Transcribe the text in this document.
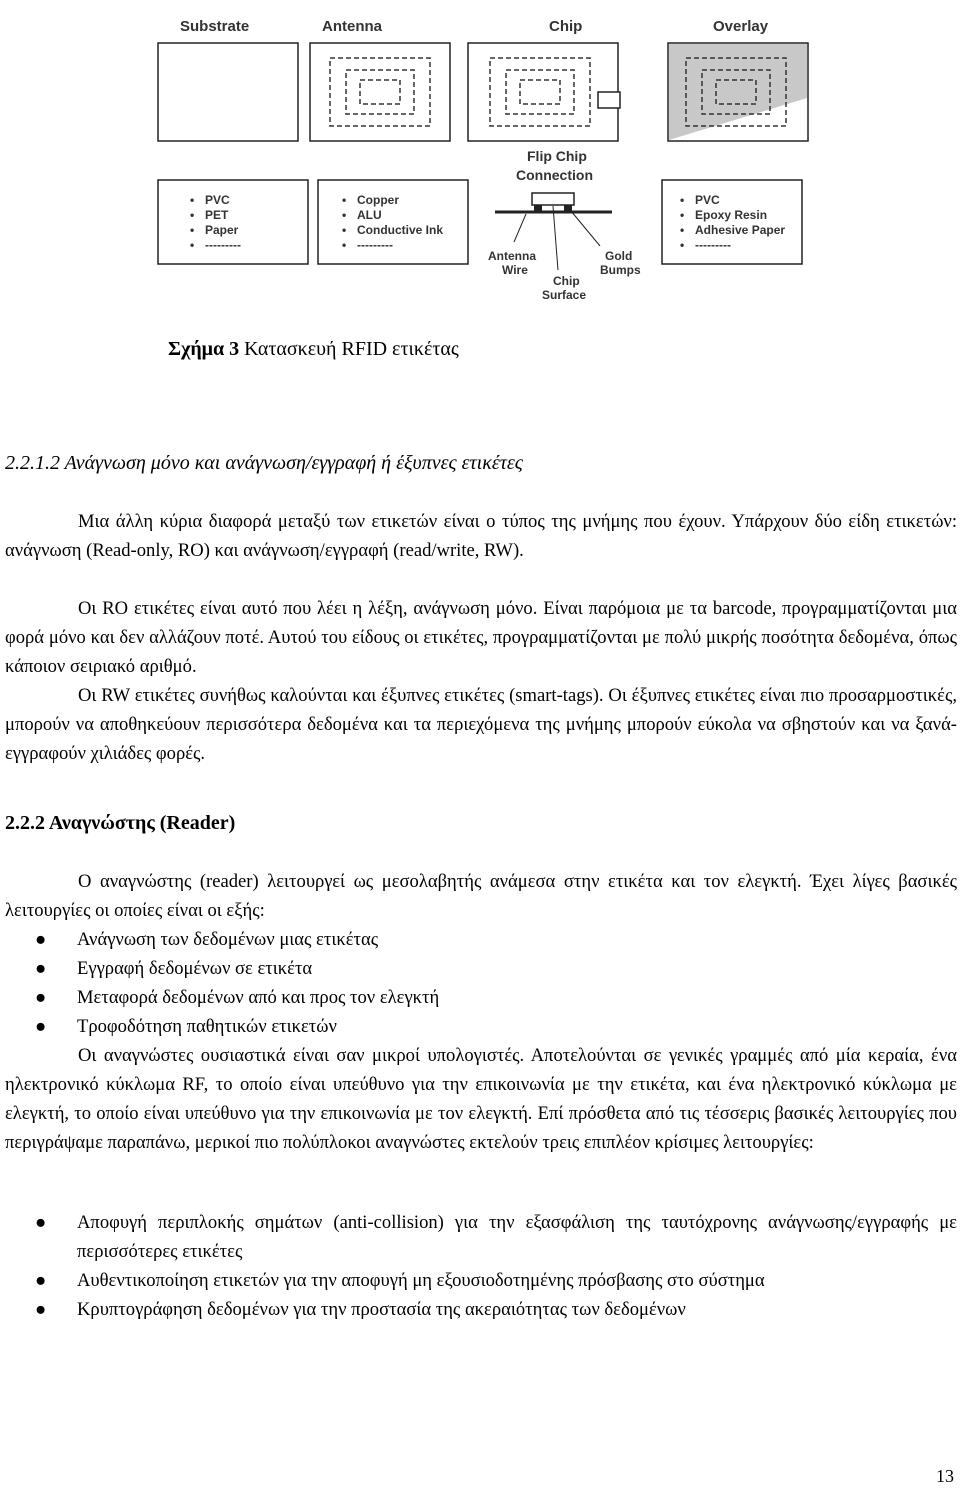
Substrate	Antenna	Chip	Overlay
• PVC
• PET
• Paper
• ---------
• Copper
• ALU
• Conductive Ink
• ---------
Flip Chip
Connection
Antenna
Wire
Chip
Surface
Gold
Bumps
• PVC
• Epoxy Resin
• Adhesive Paper
• ---------
Σχήμα 3 Κατασκευή RFID ετικέτας
2.2.1.2 Ανάγνωση μόνο και ανάγνωση/εγγραφή ή έξυπνες ετικέτες

Μια άλλη κύρια διαφορά μεταξύ των ετικετών είναι ο τύπος της μνήμης που έχουν. Υπάρχουν δύο είδη ετικετών: ανάγνωση (Read-only, RO) και ανάγνωση/εγγραφή (read/write, RW).

Οι RO ετικέτες είναι αυτό που λέει η λέξη, ανάγνωση μόνο. Είναι παρόμοια με τα barcode, προγραμματίζονται μια φορά μόνο και δεν αλλάζουν ποτέ. Αυτού του είδους οι ετικέτες, προγραμματίζονται με πολύ μικρής ποσότητα δεδομένα, όπως κάποιον σειριακό αριθμό.

Οι RW ετικέτες συνήθως καλούνται και έξυπνες ετικέτες (smart-tags). Οι έξυπνες ετικέτες είναι πιο προσαρμοστικές, μπορούν να αποθηκεύουν περισσότερα δεδομένα και τα περιεχόμενα της μνήμης μπορούν εύκολα να σβηστούν και να ξανά-εγγραφούν χιλιάδες φορές.

2.2.2 Αναγνώστης (Reader)

Ο αναγνώστης (reader) λειτουργεί ως μεσολαβητής ανάμεσα στην ετικέτα και τον ελεγκτή. Έχει λίγες βασικές λειτουργίες οι οποίες είναι οι εξής:

● Ανάγνωση των δεδομένων μιας ετικέτας
● Εγγραφή δεδομένων σε ετικέτα
● Μεταφορά δεδομένων από και προς τον ελεγκτή
● Τροφοδότηση παθητικών ετικετών

Οι αναγνώστες ουσιαστικά είναι σαν μικροί υπολογιστές. Αποτελούνται σε γενικές γραμμές από μία κεραία, ένα ηλεκτρονικό κύκλωμα RF, το οποίο είναι υπεύθυνο για την επικοινωνία με την ετικέτα, και ένα ηλεκτρονικό κύκλωμα με ελεγκτή, το οποίο είναι υπεύθυνο για την επικοινωνία με τον ελεγκτή. Επί πρόσθετα από τις τέσσερις βασικές λειτουργίες που περιγράψαμε παραπάνω, μερικοί πιο πολύπλοκοι αναγνώστες εκτελούν τρεις επιπλέον κρίσιμες λειτουργίες:

● Αποφυγή περιπλοκής σημάτων (anti-collision) για την εξασφάλιση της ταυτόχρονης ανάγνωσης/εγγραφής με περισσότερες ετικέτες
● Αυθεντικοποίηση ετικετών για την αποφυγή μη εξουσιοδοτημένης πρόσβασης στο σύστημα
● Κρυπτογράφηση δεδομένων για την προστασία της ακεραιότητας των δεδομένων
13
